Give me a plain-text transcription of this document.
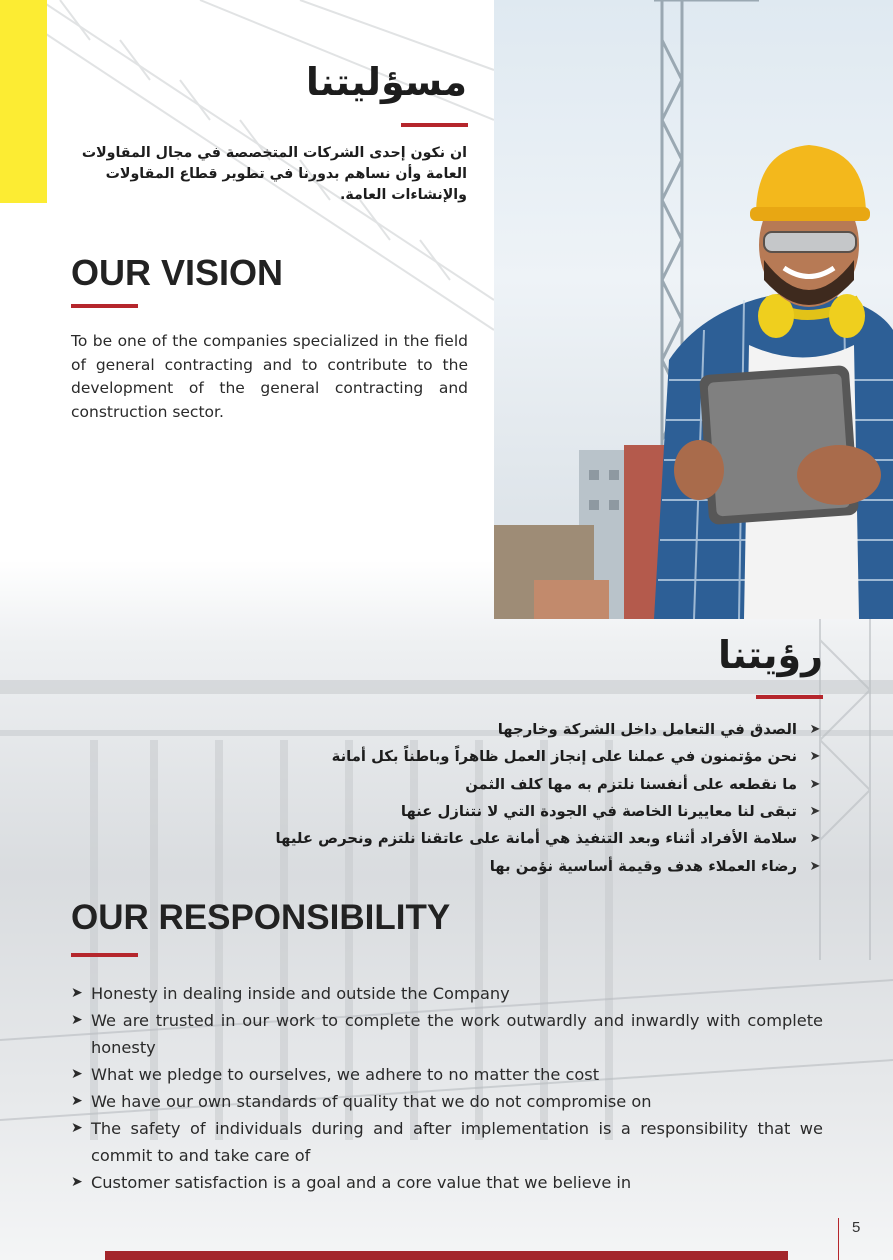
مسؤليتنا

ان نكون إحدى الشركات المتخصصة في مجال المقاولات العامة وأن نساهم بدورنا في تطوير قطاع المقاولات والإنشاءات العامة.

OUR VISION

To be one of the companies specialized in the field of general contracting and to contribute to the development of the general contracting and construction sector.

رؤيتنا
➤
الصدق في التعامل داخل الشركة وخارجها
➤
نحن مؤتمنون في عملنا على إنجاز العمل ظاهراً وباطناً بكل أمانة
➤
ما نقطعه على أنفسنا نلتزم به مها كلف الثمن
➤
تبقى لنا معاييرنا الخاصة في الجودة التي لا نتنازل عنها
➤
سلامة الأفراد أثناء وبعد التنفيذ هي أمانة على عاتقنا نلتزم ونحرص عليها
➤
رضاء العملاء هدف وقيمة أساسية نؤمن بها
OUR RESPONSIBILITY
➤ Honesty in dealing inside and outside the Company
➤ We are trusted in our work to complete the work outwardly and inwardly with complete honesty
➤ What we pledge to ourselves, we adhere to no matter the cost
➤ We have our own standards of quality that we do not compromise on
➤ The safety of individuals during and after implementation is a responsibility that we commit to and take care of
➤ Customer satisfaction is a goal and a core value that we believe in
5
